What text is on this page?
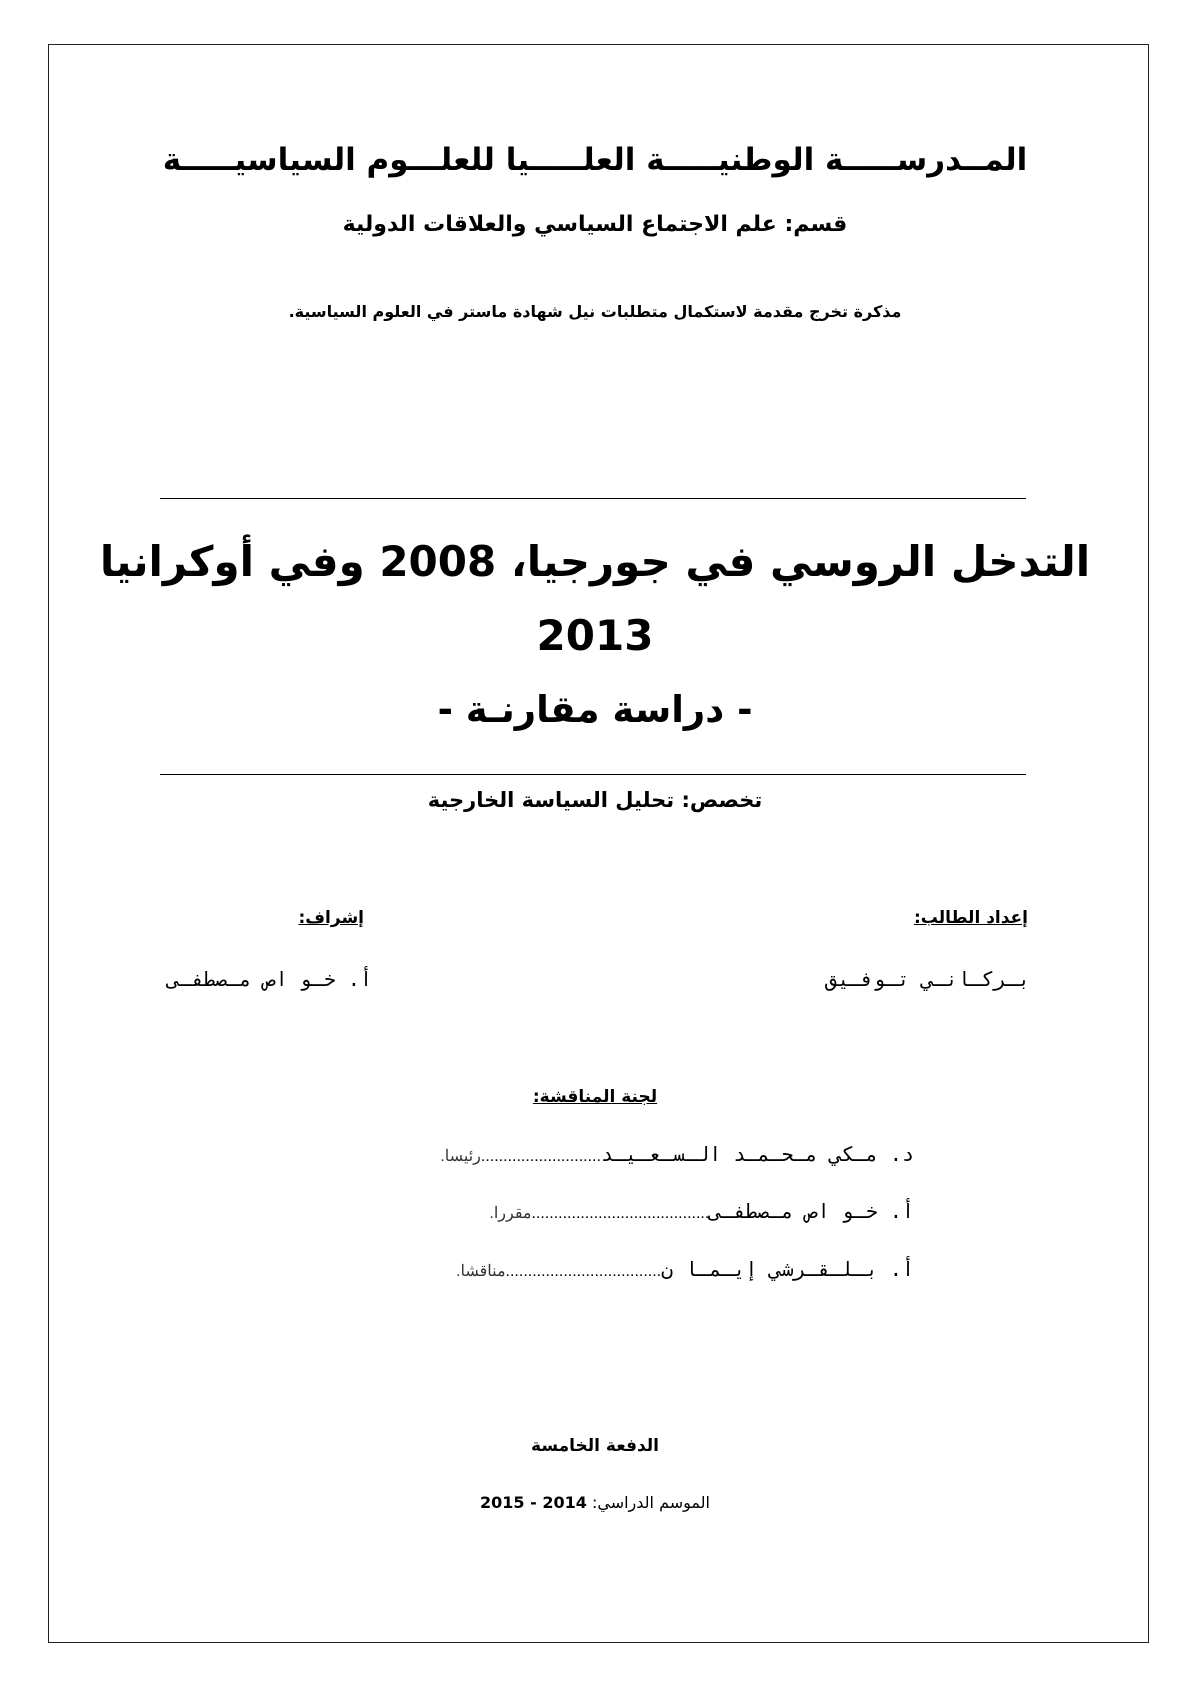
المــدرســـــة الوطنيـــــة العلـــــيا للعلـــوم السياسيـــــة
قسم: علم الاجتماع السياسي والعلاقات الدولية
مذكرة تخرج مقدمة لاستكمال متطلبات نيل شهادة ماستر في العلوم السياسية.
التدخل الروسي في جورجيا، 2008 وفي أوكرانيا
2013
- دراسة مقارنـة -
تخصص: تحليل السياسة الخارجية
إعداد الطالب:
بـركـانـي تـوفـيق
إشراف:
أ. خـو اص مـصطفـى
لجنة المناقشة:
د. مـكي مـحـمـد الـسـعـيـد...........................رئيسا.
أ. خـو اص مـصطفـى........................................مقررا.
أ. بـلـقـرشي إيـمـا ن...................................مناقشا.
الدفعة الخامسة
الموسم الدراسي: 2014 - 2015
